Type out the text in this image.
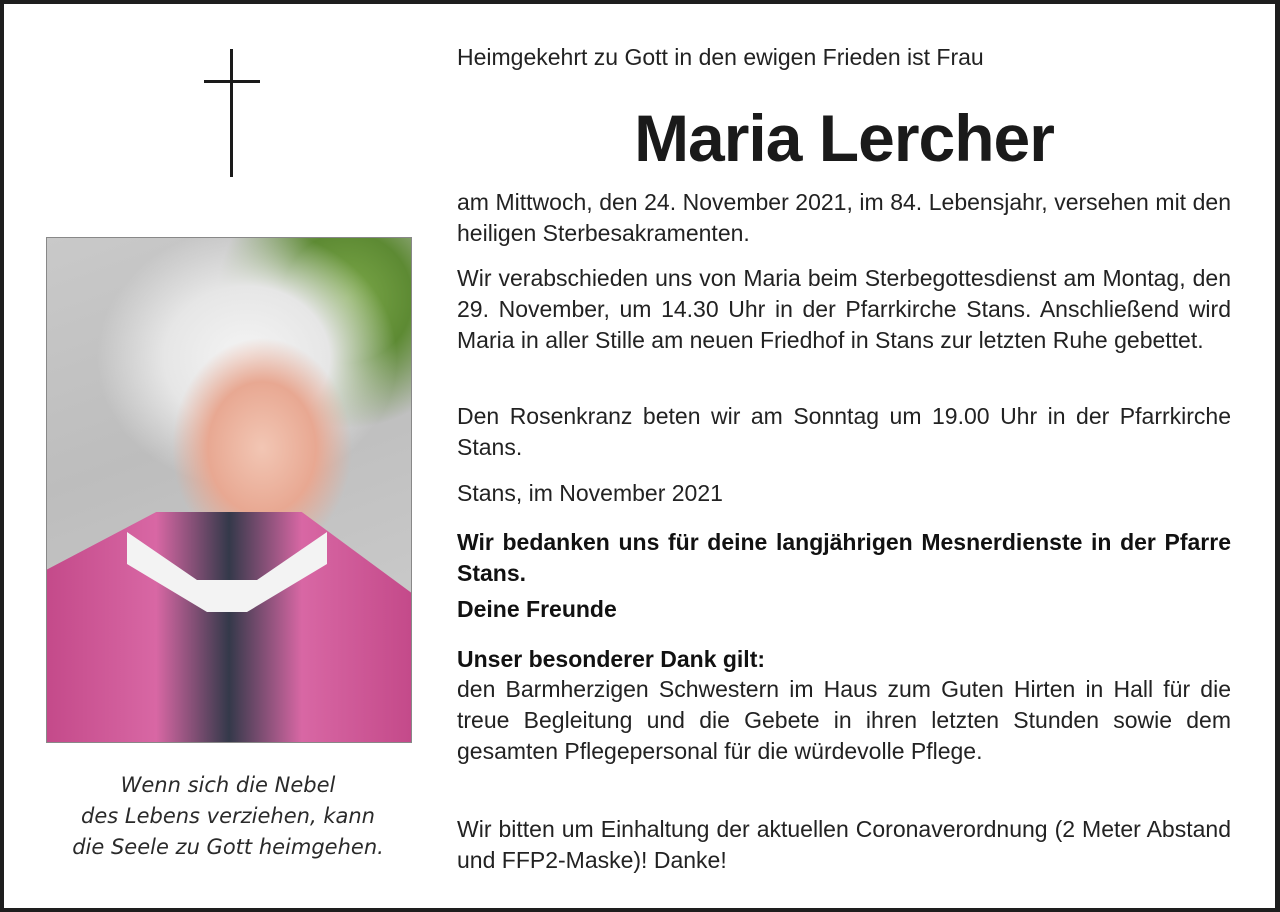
Wenn sich die Nebel
des Lebens verziehen, kann
die Seele zu Gott heimgehen.
Heimgekehrt zu Gott in den ewigen Frieden ist Frau
Maria Lercher
am Mittwoch, den 24. November 2021, im 84. Lebensjahr, versehen mit den heiligen Sterbesakramenten.
Wir verabschieden uns von Maria beim Sterbegottesdienst am Montag, den 29. November, um 14.30 Uhr in der Pfarrkirche Stans. Anschließend wird Maria in aller Stille am neuen Friedhof in Stans zur letzten Ruhe gebettet.
Den Rosenkranz beten wir am Sonntag um 19.00 Uhr in der Pfarrkirche Stans.
Stans, im November 2021
Wir bedanken uns für deine langjährigen Mesnerdienste in der Pfarre Stans.
Deine Freunde
Unser besonderer Dank gilt:
den Barmherzigen Schwestern im Haus zum Guten Hirten in Hall für die treue Begleitung und die Gebete in ihren letzten Stunden sowie dem gesamten Pflegepersonal für die würdevolle Pflege.
Wir bitten um Einhaltung der aktuellen Coronaverordnung (2 Meter Abstand und FFP2-Maske)! Danke!
